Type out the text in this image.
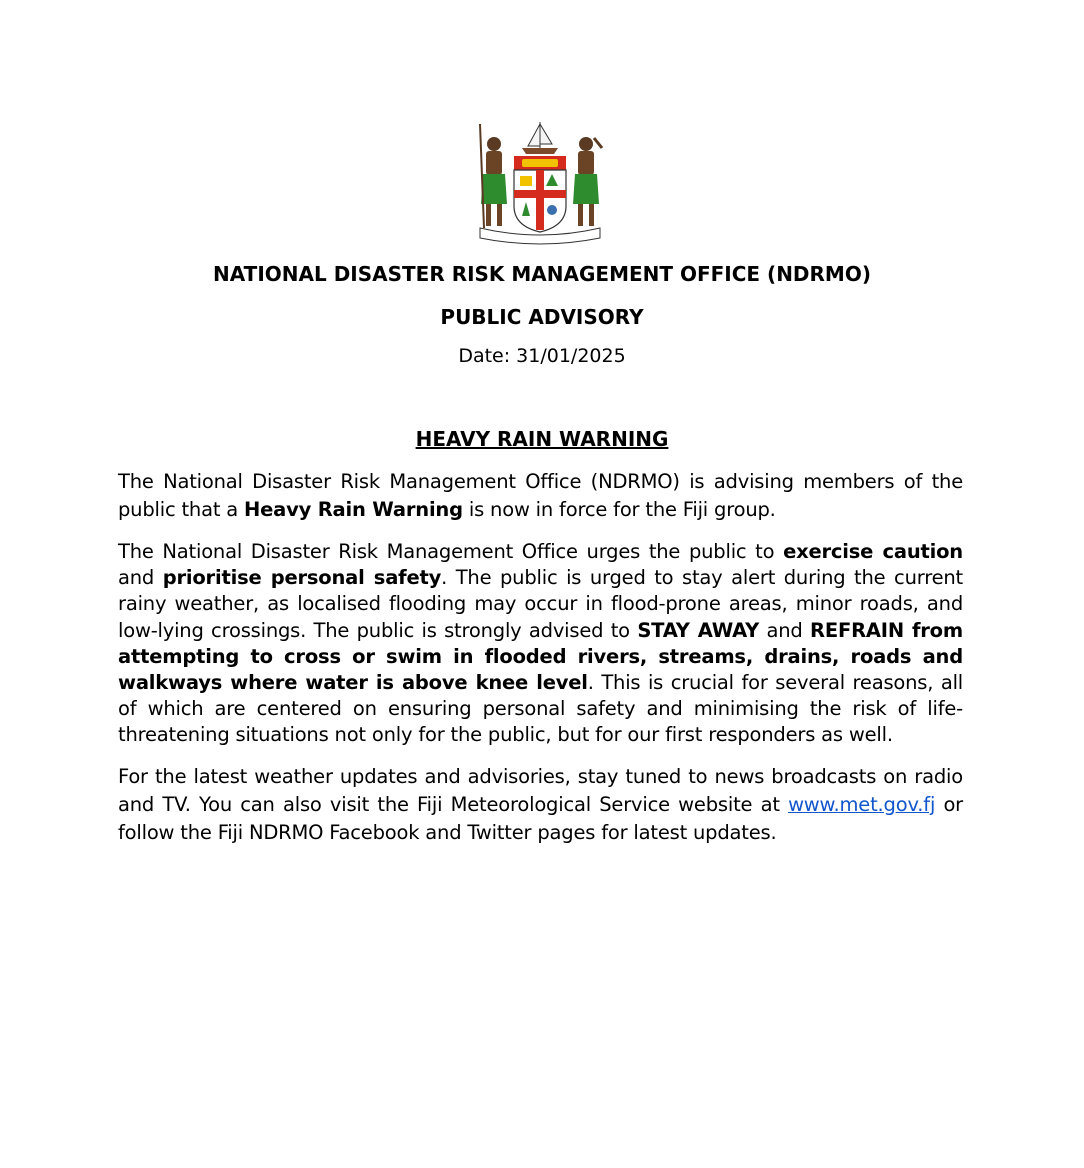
NATIONAL DISASTER RISK MANAGEMENT OFFICE (NDRMO)
PUBLIC ADVISORY
Date: 31/01/2025
HEAVY RAIN WARNING

The National Disaster Risk Management Office (NDRMO) is advising members of the public that a Heavy Rain Warning is now in force for the Fiji group.

The National Disaster Risk Management Office urges the public to exercise caution and prioritise personal safety. The public is urged to stay alert during the current rainy weather, as localised flooding may occur in flood-prone areas, minor roads, and low-lying crossings. The public is strongly advised to STAY AWAY and REFRAIN from attempting to cross or swim in flooded rivers, streams, drains, roads and walkways where water is above knee level. This is crucial for several reasons, all of which are centered on ensuring personal safety and minimising the risk of life-threatening situations not only for the public, but for our first responders as well.

For the latest weather updates and advisories, stay tuned to news broadcasts on radio and TV. You can also visit the Fiji Meteorological Service website at www.met.gov.fj or follow the Fiji NDRMO Facebook and Twitter pages for latest updates.
